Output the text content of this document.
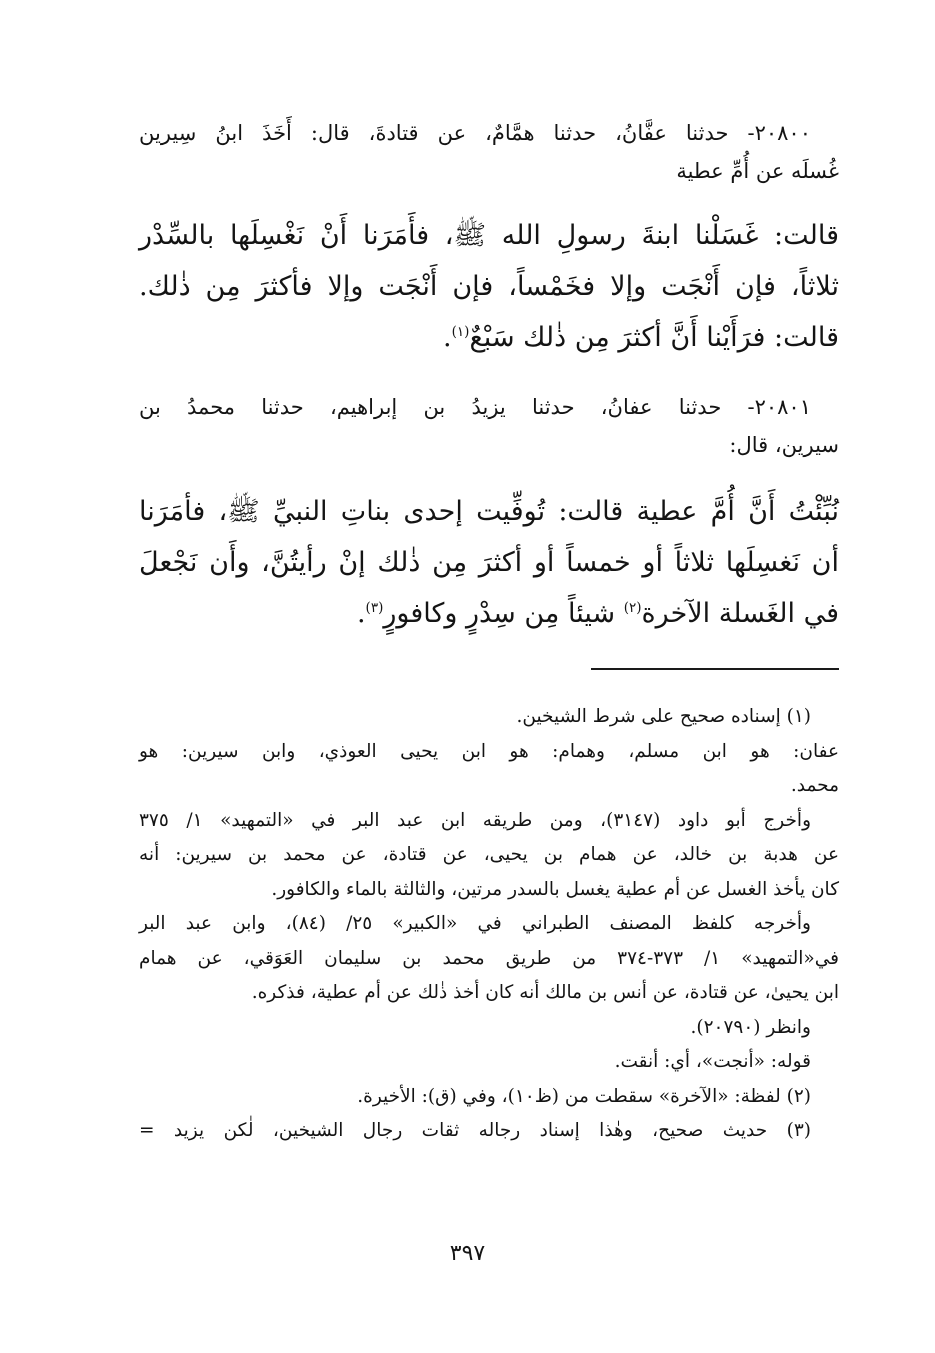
٢٠٨٠٠- حدثنا عفَّانُ، حدثنا همَّامٌ، عن قتادةَ، قال: أَخَذَ ابنُ سِيرين
غُسلَه عن أُمِّ عطية
قالت: غَسَلْنا ابنةَ رسولِ الله ﷺ، فأَمَرَنا أَنْ نَغْسِلَها بالسِّدْر
ثلاثاً، فإن أَنْجَت وإلا فخَمْساً، فإن أَنْجَت وإلا فأكثرَ مِن ذٰلك.
قالت: فرَأَيْنا أَنَّ أكثرَ مِن ذٰلك سَبْعٌ$^{(١)}$.
٢٠٨٠١- حدثنا عفانُ، حدثنا يزيدُ بن إبراهيم، حدثنا محمدُ بن
سيرين، قال:
نُبِّئْتُ أَنَّ أُمَّ عطية قالت: تُوفِّيت إحدى بناتِ النبيِّ ﷺ، فأمَرَنا
أن نَغسِلَها ثلاثاً أو خمساً أو أكثرَ مِن ذٰلك إنْ رأيتُنَّ، وأَن نَجْعلَ
في الغَسلة الآخرة$^{(٢)}$ شيئاً مِن سِدْرٍ وكافورٍ$^{(٣)}$.
(١) إسناده صحيح على شرط الشيخين.
عفان: هو ابن مسلم، وهمام: هو ابن يحيى العوذي، وابن سيرين: هو
محمد.
وأخرج أبو داود (٣١٤٧)، ومن طريقه ابن عبد البر في «التمهيد» ١/ ٣٧٥
عن هدبة بن خالد، عن همام بن يحيى، عن قتادة، عن محمد بن سيرين: أنه
كان يأخذ الغسل عن أم عطية يغسل بالسدر مرتين، والثالثة بالماء والكافور.
وأخرجه كلفظ المصنف الطبراني في «الكبير» ٢٥/ (٨٤)، وابن عبد البر
في«التمهيد» ١/ ٣٧٣-٣٧٤ من طريق محمد بن سليمان العَوَقي، عن همام
ابن يحيىٰ، عن قتادة، عن أنس بن مالك أنه كان أخذ ذٰلك عن أم عطية، فذكره.
وانظر (٢٠٧٩٠).
قوله: «أنجت»، أي: أنقت.
(٢) لفظة: «الآخرة» سقطت من (ظ١٠)، وفي (ق): الأخيرة.
(٣) حديث صحيح، وهٰذا إسناد رجاله ثقات رجال الشيخين، لٰكن يزيد =
٣٩٧
